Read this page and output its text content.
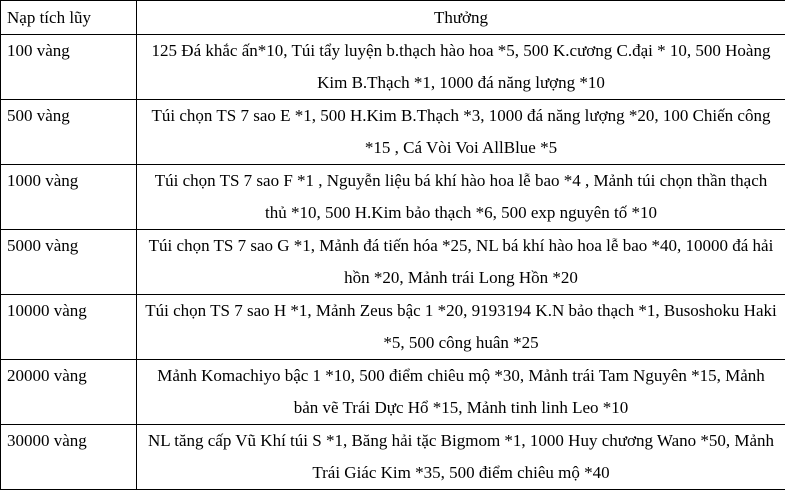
Nạp tích lũy	Thưởng
100 vàng	125 Đá khắc ấn*10, Túi tẩy luyện b.thạch hào hoa *5, 500 K.cương C.đại * 10, 500 Hoàng Kim B.Thạch *1, 1000 đá năng lượng *10
500 vàng	Túi chọn TS 7 sao E *1, 500 H.Kim B.Thạch *3, 1000 đá năng lượng *20, 100 Chiến công *15 , Cá Vòi Voi AllBlue *5
1000 vàng	Túi chọn TS 7 sao F *1 , Nguyễn liệu bá khí hào hoa lễ bao *4 , Mảnh túi chọn thần thạch thủ *10, 500 H.Kim bảo thạch *6, 500 exp nguyên tố *10
5000 vàng	Túi chọn TS 7 sao G *1, Mảnh đá tiến hóa *25, NL bá khí hào hoa lễ bao *40, 10000 đá hải hồn *20, Mảnh trái Long Hồn *20
10000 vàng	Túi chọn TS 7 sao H *1, Mảnh Zeus bậc 1 *20, 9193194 K.N bảo thạch *1, Busoshoku Haki *5, 500 công huân *25
20000 vàng	Mảnh Komachiyo bậc 1 *10, 500 điểm chiêu mộ *30, Mảnh trái Tam Nguyên *15, Mảnh bản vẽ Trái Dực Hổ *15, Mảnh tinh linh Leo *10
30000 vàng	NL tăng cấp Vũ Khí túi S *1, Băng hải tặc Bigmom *1, 1000 Huy chương Wano *50, Mảnh Trái Giác Kim *35, 500 điểm chiêu mộ *40
